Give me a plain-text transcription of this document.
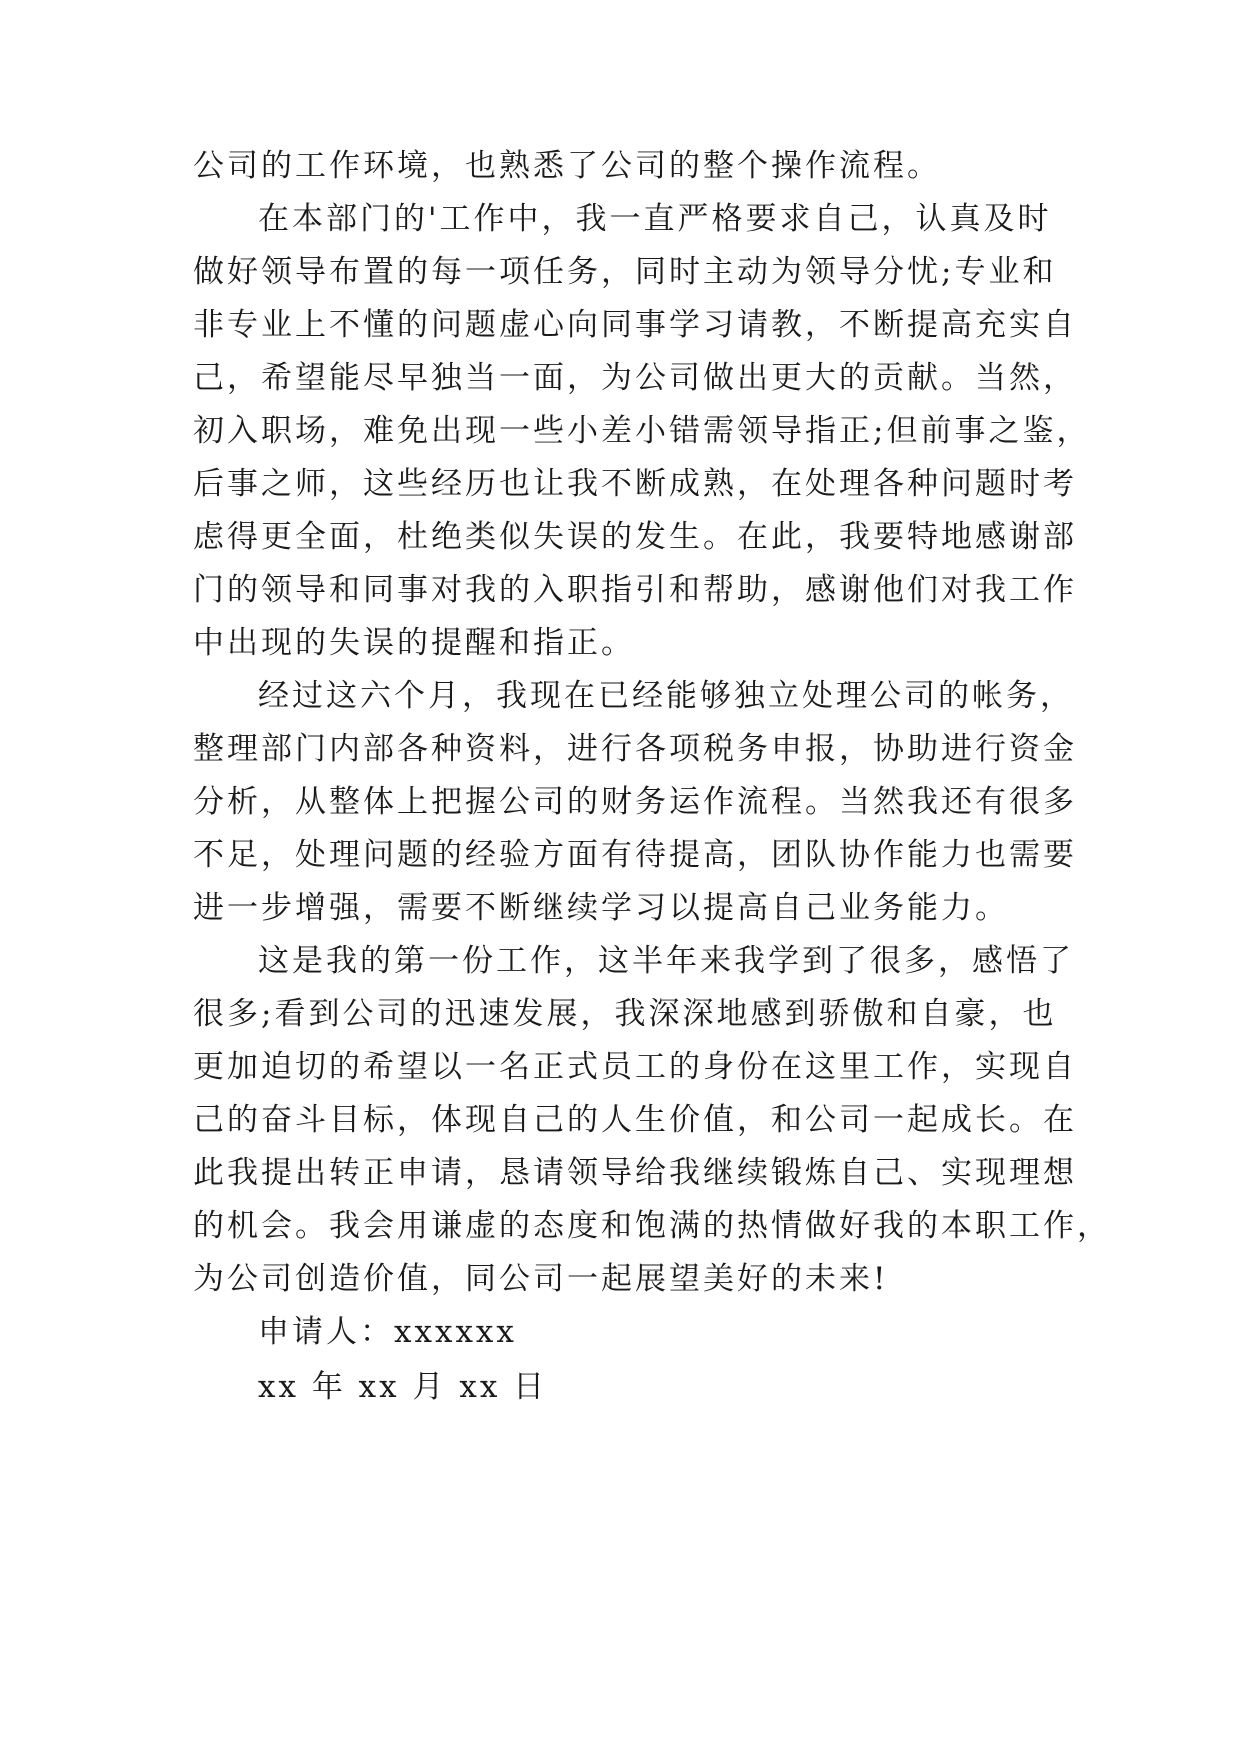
公司的工作环境，也熟悉了公司的整个操作流程。
在本部门的'工作中，我一直严格要求自己，认真及时
做好领导布置的每一项任务，同时主动为领导分忧;专业和
非专业上不懂的问题虚心向同事学习请教，不断提高充实自
己，希望能尽早独当一面，为公司做出更大的贡献。当然，
初入职场，难免出现一些小差小错需领导指正;但前事之鉴，
后事之师，这些经历也让我不断成熟，在处理各种问题时考
虑得更全面，杜绝类似失误的发生。在此，我要特地感谢部
门的领导和同事对我的入职指引和帮助，感谢他们对我工作
中出现的失误的提醒和指正。
经过这六个月，我现在已经能够独立处理公司的帐务，
整理部门内部各种资料，进行各项税务申报，协助进行资金
分析，从整体上把握公司的财务运作流程。当然我还有很多
不足，处理问题的经验方面有待提高，团队协作能力也需要
进一步增强，需要不断继续学习以提高自己业务能力。
这是我的第一份工作，这半年来我学到了很多，感悟了
很多;看到公司的迅速发展，我深深地感到骄傲和自豪，也
更加迫切的希望以一名正式员工的身份在这里工作，实现自
己的奋斗目标，体现自己的人生价值，和公司一起成长。在
此我提出转正申请，恳请领导给我继续锻炼自己、实现理想
的机会。我会用谦虚的态度和饱满的热情做好我的本职工作，
为公司创造价值，同公司一起展望美好的未来!
申请人：xxxxxx
xx 年 xx 月 xx 日
